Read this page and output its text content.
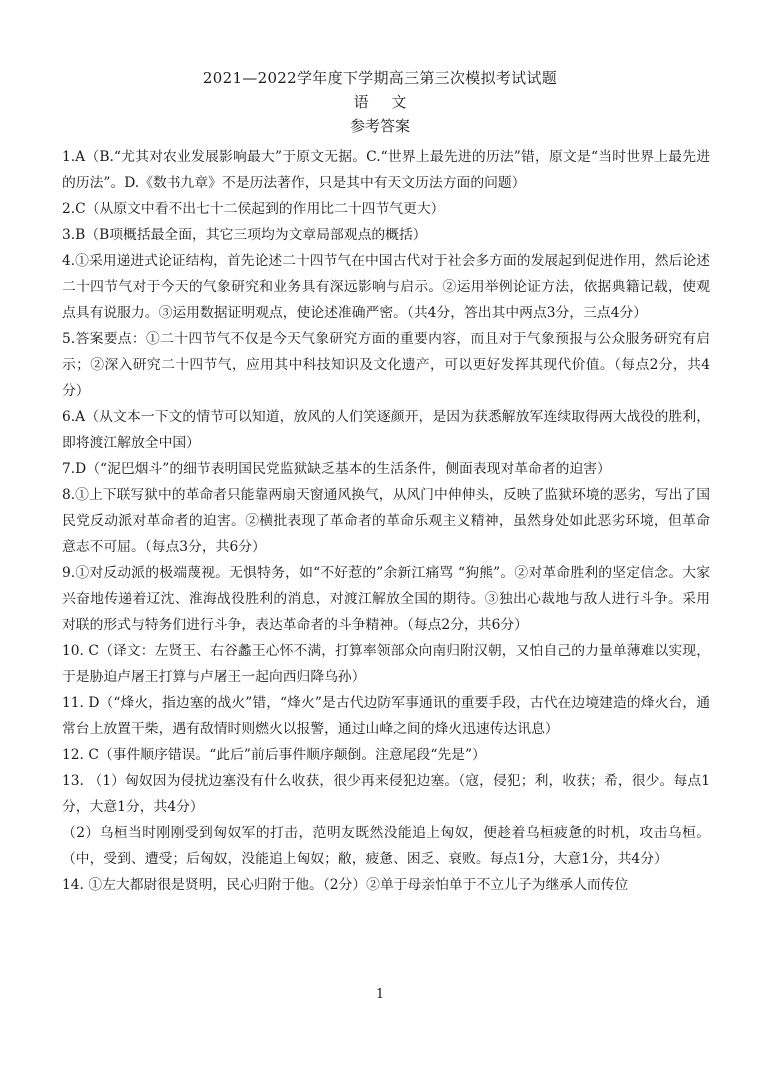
2021—2022学年度下学期高三第三次模拟考试试题
语 文
参考答案

1.A（B.“尤其对农业发展影响最大”于原文无据。C.“世界上最先进的历法”错，原文是“当时世界上最先进的历法”。D.《数书九章》不是历法著作，只是其中有天文历法方面的问题）

2.C（从原文中看不出七十二侯起到的作用比二十四节气更大）

3.B（B项概括最全面，其它三项均为文章局部观点的概括）

4.①采用递进式论证结构，首先论述二十四节气在中国古代对于社会多方面的发展起到促进作用，然后论述二十四节气对于今天的气象研究和业务具有深远影响与启示。②运用举例论证方法，依据典籍记载，使观点具有说服力。③运用数据证明观点，使论述准确严密。（共4分，答出其中两点3分，三点4分）

5.答案要点：①二十四节气不仅是今天气象研究方面的重要内容，而且对于气象预报与公众服务研究有启示；②深入研究二十四节气，应用其中科技知识及文化遗产，可以更好发挥其现代价值。（每点2分，共4分）

6.A（从文本一下文的情节可以知道，放风的人们笑逐颜开，是因为获悉解放军连续取得两大战役的胜利，即将渡江解放全中国）

7.D（“泥巴烟斗”的细节表明国民党监狱缺乏基本的生活条件，侧面表现对革命者的迫害）

8.①上下联写狱中的革命者只能靠两扇天窗通风换气，从风门中伸伸头，反映了监狱环境的恶劣，写出了国民党反动派对革命者的迫害。②横批表现了革命者的革命乐观主义精神，虽然身处如此恶劣环境，但革命意志不可屈。（每点3分，共6分）

9.①对反动派的极端蔑视。无惧特务，如“不好惹的”余新江痛骂 “狗熊”。②对革命胜利的坚定信念。大家兴奋地传递着辽沈、淮海战役胜利的消息，对渡江解放全国的期待。③独出心裁地与敌人进行斗争。采用对联的形式与特务们进行斗争，表达革命者的斗争精神。（每点2分，共6分）

10. C（译文：左贤王、右谷蠡王心怀不满，打算率领部众向南归附汉朝，又怕自己的力量单薄难以实现，于是胁迫卢屠王打算与卢屠王一起向西归降乌孙）

11. D（“烽火，指边塞的战火”错，“烽火”是古代边防军事通讯的重要手段，古代在边境建造的烽火台，通常台上放置干柴，遇有敌情时则燃火以报警，通过山峰之间的烽火迅速传达讯息）

12. C（事件顺序错误。“此后”前后事件顺序颠倒。注意尾段“先是”）

13. （1）匈奴因为侵扰边塞没有什么收获，很少再来侵犯边塞。（寇，侵犯；利，收获；希，很少。每点1分，大意1分，共4分）

（2）乌桓当时刚刚受到匈奴军的打击，范明友既然没能追上匈奴，便趁着乌桓疲惫的时机，攻击乌桓。（中，受到、遭受；后匈奴，没能追上匈奴；敝，疲惫、困乏、衰败。每点1分，大意1分，共4分）

14. ①左大都尉很是贤明，民心归附于他。（2分）②单于母亲怕单于不立儿子为继承人而传位

1
